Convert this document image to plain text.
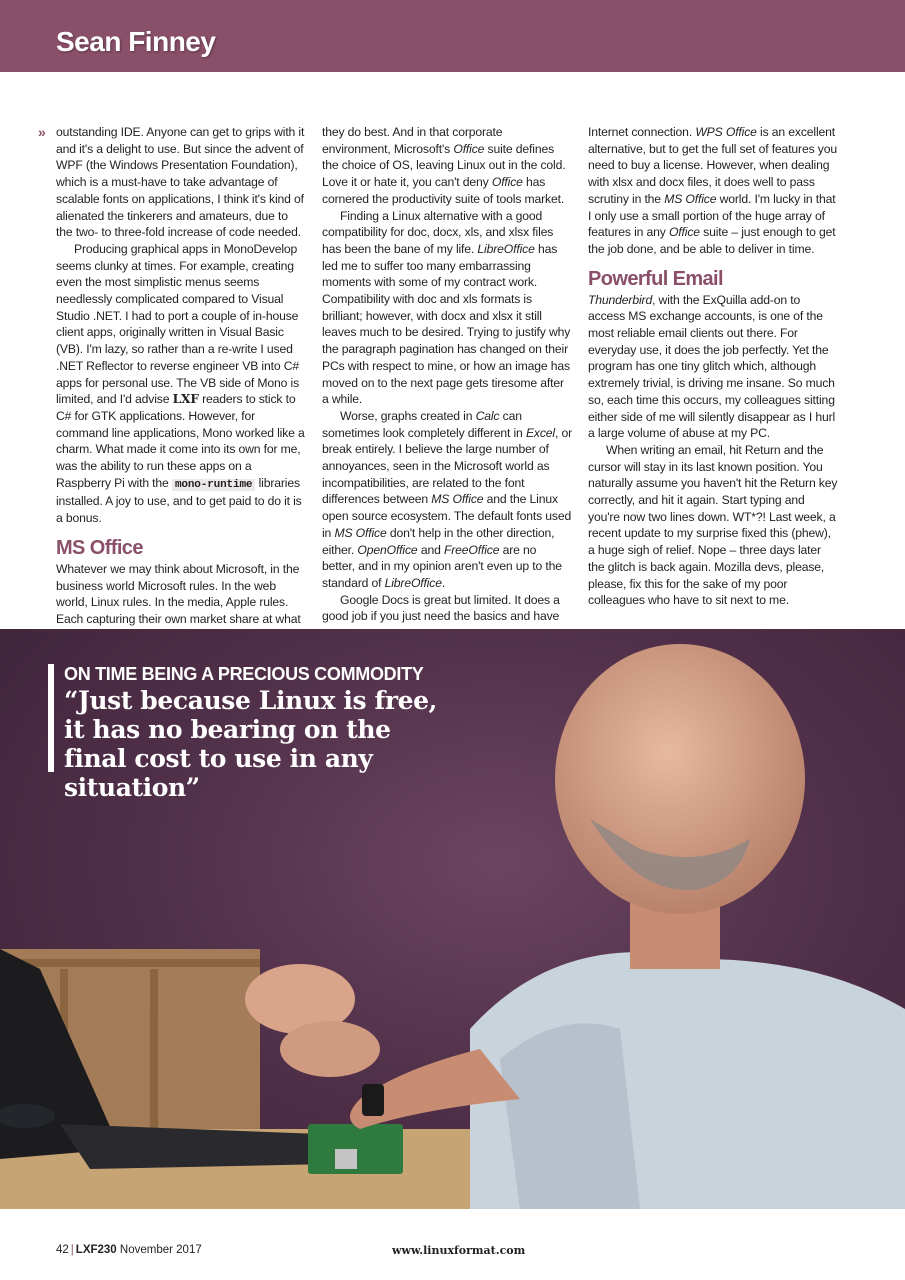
Sean Finney
» outstanding IDE. Anyone can get to grips with it and it's a delight to use. But since the advent of WPF (the Windows Presentation Foundation), which is a must-have to take advantage of scalable fonts on applications, I think it's kind of alienated the tinkerers and amateurs, due to the two- to three-fold increase of code needed.

Producing graphical apps in MonoDevelop seems clunky at times. For example, creating even the most simplistic menus seems needlessly complicated compared to Visual Studio .NET. I had to port a couple of in-house client apps, originally written in Visual Basic (VB). I'm lazy, so rather than a re-write I used .NET Reflector to reverse engineer VB into C# apps for personal use. The VB side of Mono is limited, and I'd advise LXF readers to stick to C# for GTK applications. However, for command line applications, Mono worked like a charm. What made it come into its own for me, was the ability to run these apps on a Raspberry Pi with the mono-runtime libraries installed. A joy to use, and to get paid to do it is a bonus.

MS Office

Whatever we may think about Microsoft, in the business world Microsoft rules. In the web world, Linux rules. In the media, Apple rules. Each capturing their own market share at what

they do best. And in that corporate environment, Microsoft's Office suite defines the choice of OS, leaving Linux out in the cold. Love it or hate it, you can't deny Office has cornered the productivity suite of tools market.

Finding a Linux alternative with a good compatibility for doc, docx, xls, and xlsx files has been the bane of my life. LibreOffice has led me to suffer too many embarrassing moments with some of my contract work. Compatibility with doc and xls formats is brilliant; however, with docx and xlsx it still leaves much to be desired. Trying to justify why the paragraph pagination has changed on their PCs with respect to mine, or how an image has moved on to the next page gets tiresome after a while.

Worse, graphs created in Calc can sometimes look completely different in Excel, or break entirely. I believe the large number of annoyances, seen in the Microsoft world as incompatibilities, are related to the font differences between MS Office and the Linux open source ecosystem. The default fonts used in MS Office don't help in the other direction, either. OpenOffice and FreeOffice are no better, and in my opinion aren't even up to the standard of LibreOffice.

Google Docs is great but limited. It does a good job if you just need the basics and have

Internet connection. WPS Office is an excellent alternative, but to get the full set of features you need to buy a license. However, when dealing with xlsx and docx files, it does well to pass scrutiny in the MS Office world. I'm lucky in that I only use a small portion of the huge array of features in any Office suite – just enough to get the job done, and be able to deliver in time.

Powerful Email

Thunderbird, with the ExQuilla add-on to access MS exchange accounts, is one of the most reliable email clients out there. For everyday use, it does the job perfectly. Yet the program has one tiny glitch which, although extremely trivial, is driving me insane. So much so, each time this occurs, my colleagues sitting either side of me will silently disappear as I hurl a large volume of abuse at my PC.

When writing an email, hit Return and the cursor will stay in its last known position. You naturally assume you haven't hit the Return key correctly, and hit it again. Start typing and you're now two lines down. WT*?! Last week, a recent update to my surprise fixed this (phew), a huge sigh of relief. Nope – three days later the glitch is back again. Mozilla devs, please, please, fix this for the sake of my poor colleagues who have to sit next to me.

ON TIME BEING A PRECIOUS COMMODITY

“Just because Linux is free, it has no bearing on the final cost to use in any situation”

42 | LXF230 November 2017	www.linuxformat.com
